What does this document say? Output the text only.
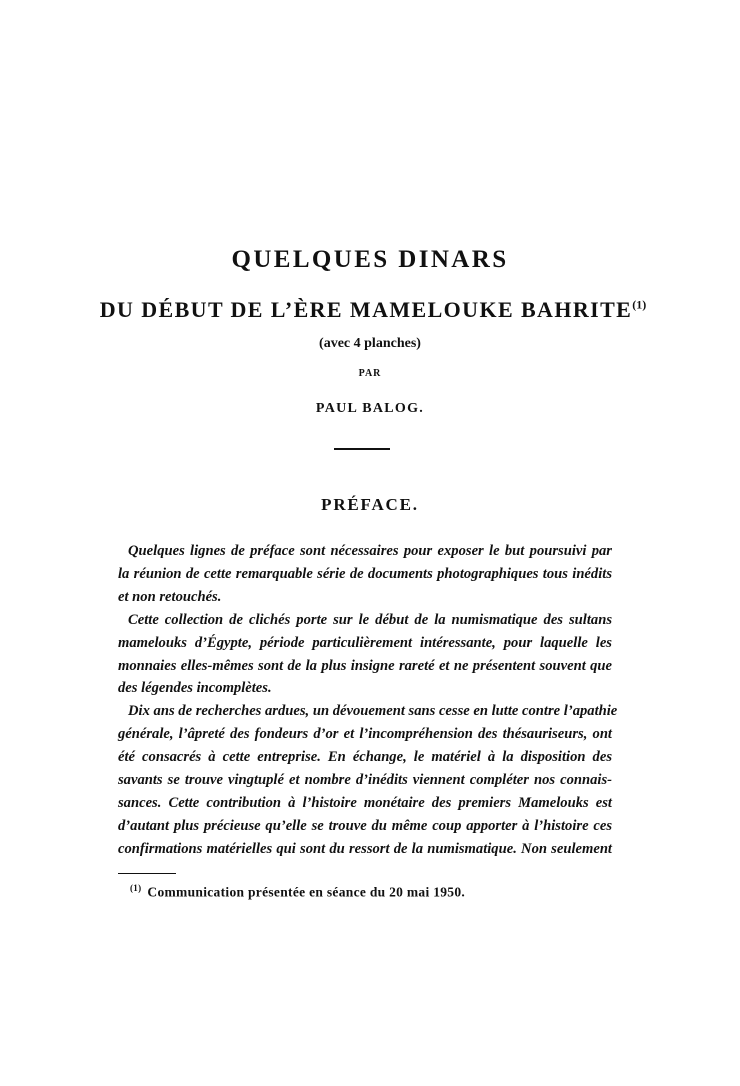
QUELQUES DINARS
DU DÉBUT DE L’ÈRE MAMELOUKE BAHRITE$^{(1)}$
(avec 4 planches)
PAR
PAUL BALOG.
PRÉFACE.
Quelques lignes de préface sont nécessaires pour exposer le but poursuivi par
la réunion de cette remarquable série de documents photographiques tous inédits
et non retouchés.
Cette collection de clichés porte sur le début de la numismatique des sultans
mamelouks d’Égypte, période particulièrement intéressante, pour laquelle les
monnaies elles-mêmes sont de la plus insigne rareté et ne présentent souvent que
des légendes incomplètes.
Dix ans de recherches ardues, un dévouement sans cesse en lutte contre l’apathie
générale, l’âpreté des fondeurs d’or et l’incompréhension des thésauriseurs, ont
été consacrés à cette entreprise. En échange, le matériel à la disposition des
savants se trouve vingtuplé et nombre d’inédits viennent compléter nos connais-
sances. Cette contribution à l’histoire monétaire des premiers Mamelouks est
d’autant plus précieuse qu’elle se trouve du même coup apporter à l’histoire ces
confirmations matérielles qui sont du ressort de la numismatique. Non seulement
$^{(1)}$ Communication présentée en séance du 20 mai 1950.
